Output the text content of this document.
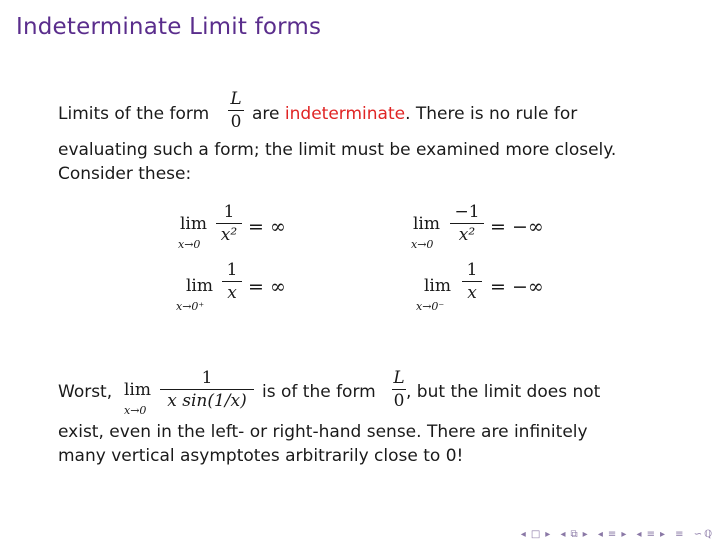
Indeterminate Limit forms
Limits of the form
L
0 are indeterminate. There is no rule for
evaluating such a form; the limit must be examined more closely.
Consider these:
lim
x→0
1
x² = ∞	lim
x→0
−1
x² = −∞
lim
x→0⁺
1
x = ∞	lim
x→0⁻
1
x = −∞
Worst, lim
x→0
1
x sin(1/x) is of the form
L
0 , but the limit does not
exist, even in the left- or right-hand sense. There are infinitely
many vertical asymptotes arbitrarily close to 0!
◂ □ ▸ ◂ ⧉ ▸ ◂ ≡ ▸ ◂ ≡ ▸ ≡ ∽ℚ
